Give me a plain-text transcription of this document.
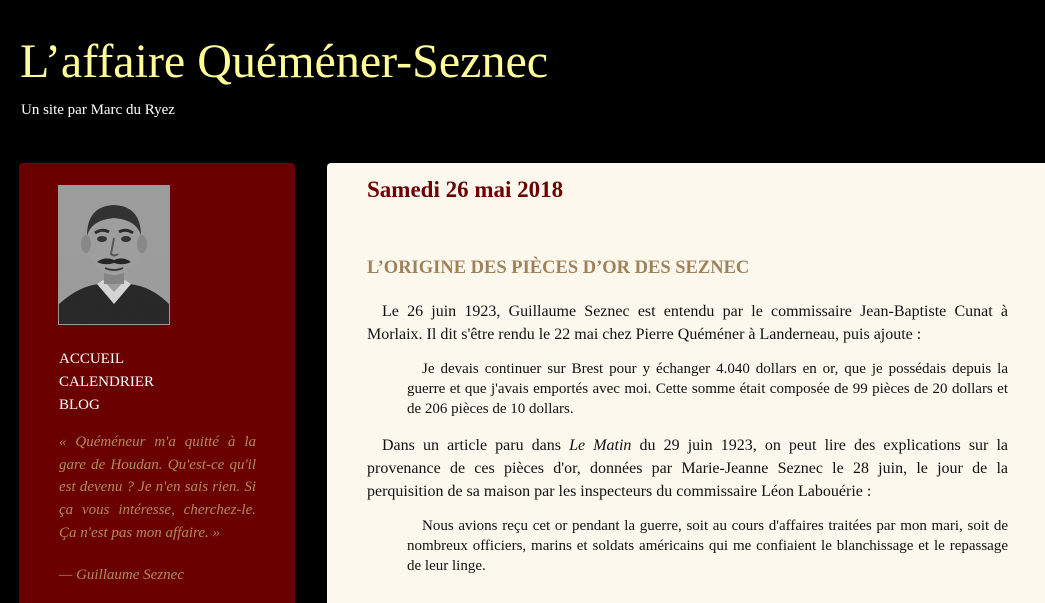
L’affaire Quéméner-Seznec

Un site par Marc du Ryez

ACCUEIL
CALENDRIER
BLOG

« Quéméneur m'a quitté à la gare de Houdan. Qu'est-ce qu'il est devenu ? Je n'en sais rien. Si ça vous intéresse, cherchez-le. Ça n'est pas mon affaire. »

— Guillaume Seznec
Samedi 26 mai 2018
L’ORIGINE DES PIÈCES D’OR DES SEZNEC

Le 26 juin 1923, Guillaume Seznec est entendu par le commissaire Jean-Baptiste Cunat à Morlaix. Il dit s'être rendu le 22 mai chez Pierre Quéméner à Landerneau, puis ajoute :

Je devais continuer sur Brest pour y échanger 4.040 dollars en or, que je possédais depuis la guerre et que j'avais emportés avec moi. Cette somme était composée de 99 pièces de 20 dollars et de 206 pièces de 10 dollars.

Dans un article paru dans Le Matin du 29 juin 1923, on peut lire des explications sur la provenance de ces pièces d'or, données par Marie-Jeanne Seznec le 28 juin, le jour de la perquisition de sa maison par les inspecteurs du commissaire Léon Labouérie :

Nous avions reçu cet or pendant la guerre, soit au cours d'affaires traitées par mon mari, soit de nombreux officiers, marins et soldats américains qui me confiaient le blanchissage et le repassage de leur linge.
